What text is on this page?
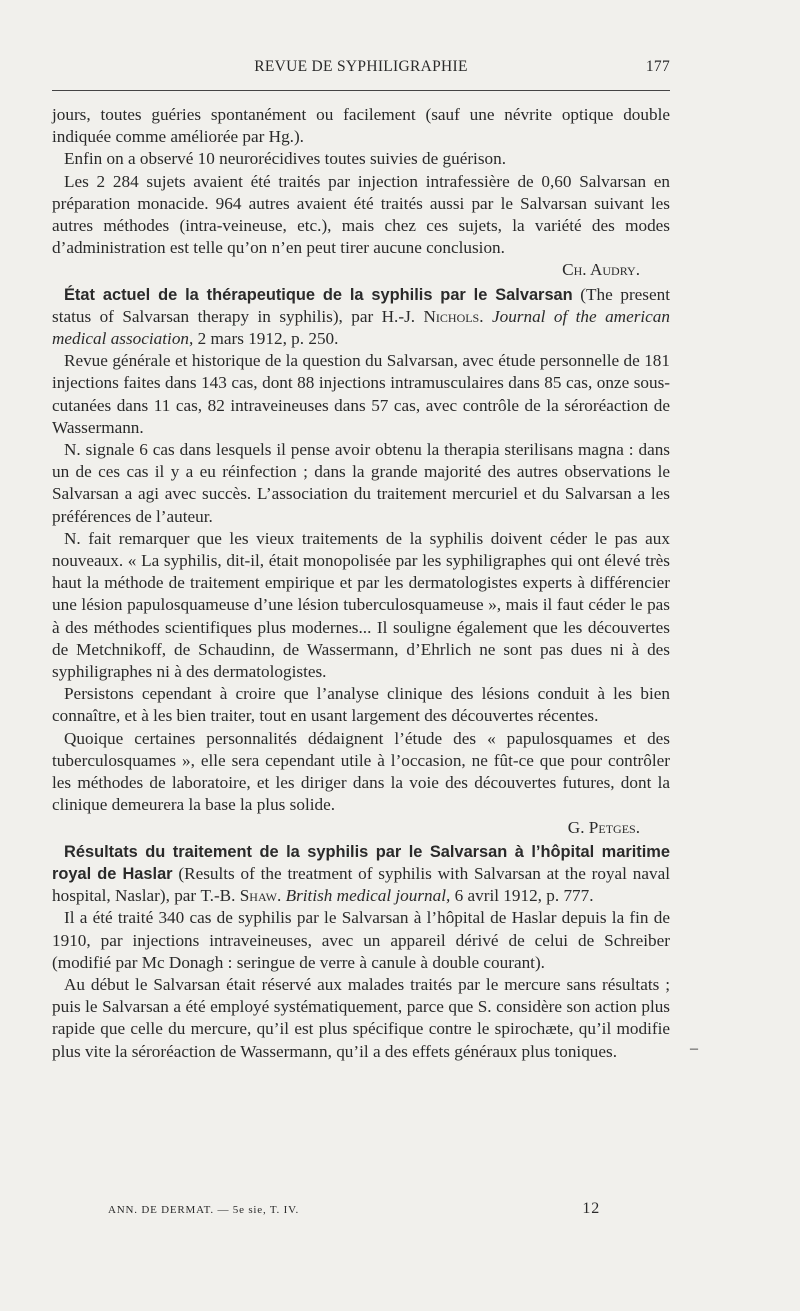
REVUE DE SYPHILIGRAPHIE	177

jours, toutes guéries spontanément ou facilement (sauf une névrite optique double indiquée comme améliorée par Hg.).

Enfin on a observé 10 neurorécidives toutes suivies de guérison.

Les 2 284 sujets avaient été traités par injection intrafessière de 0,60 Salvarsan en préparation monacide. 964 autres avaient été traités aussi par le Salvarsan suivant les autres méthodes (intra-veineuse, etc.), mais chez ces sujets, la variété des modes d’administration est telle qu’on n’en peut tirer aucune conclusion.

Ch. Audry.

État actuel de la thérapeutique de la syphilis par le Salvarsan (The present status of Salvarsan therapy in syphilis), par H.-J. Nichols. Journal of the american medical association, 2 mars 1912, p. 250.

Revue générale et historique de la question du Salvarsan, avec étude personnelle de 181 injections faites dans 143 cas, dont 88 injections intramusculaires dans 85 cas, onze sous-cutanées dans 11 cas, 82 intraveineuses dans 57 cas, avec contrôle de la séroréaction de Wassermann.

N. signale 6 cas dans lesquels il pense avoir obtenu la therapia sterilisans magna : dans un de ces cas il y a eu réinfection ; dans la grande majorité des autres observations le Salvarsan a agi avec succès. L’association du traitement mercuriel et du Salvarsan a les préférences de l’auteur.

N. fait remarquer que les vieux traitements de la syphilis doivent céder le pas aux nouveaux. « La syphilis, dit-il, était monopolisée par les syphiligraphes qui ont élevé très haut la méthode de traitement empirique et par les dermatologistes experts à différencier une lésion papulosquameuse d’une lésion tuberculosquameuse », mais il faut céder le pas à des méthodes scientifiques plus modernes... Il souligne également que les découvertes de Metchnikoff, de Schaudinn, de Wassermann, d’Ehrlich ne sont pas dues ni à des syphiligraphes ni à des dermatologistes.

Persistons cependant à croire que l’analyse clinique des lésions conduit à les bien connaître, et à les bien traiter, tout en usant largement des découvertes récentes.

Quoique certaines personnalités dédaignent l’étude des « papulosquames et des tuberculosquames », elle sera cependant utile à l’occasion, ne fût-ce que pour contrôler les méthodes de laboratoire, et les diriger dans la voie des découvertes futures, dont la clinique demeurera la base la plus solide.

G. Petges.

Résultats du traitement de la syphilis par le Salvarsan à l’hôpital maritime royal de Haslar (Results of the treatment of syphilis with Salvarsan at the royal naval hospital, Naslar), par T.-B. Shaw. British medical journal, 6 avril 1912, p. 777.

Il a été traité 340 cas de syphilis par le Salvarsan à l’hôpital de Haslar depuis la fin de 1910, par injections intraveineuses, avec un appareil dérivé de celui de Schreiber (modifié par Mc Donagh : seringue de verre à canule à double courant).

Au début le Salvarsan était réservé aux malades traités par le mercure sans résultats ; puis le Salvarsan a été employé systématiquement, parce que S. considère son action plus rapide que celle du mercure, qu’il est plus spécifique contre le spirochæte, qu’il modifie plus vite la séroréaction de Wassermann, qu’il a des effets généraux plus toniques.	–
ANN. DE DERMAT. — 5e sie, T. IV.	12
